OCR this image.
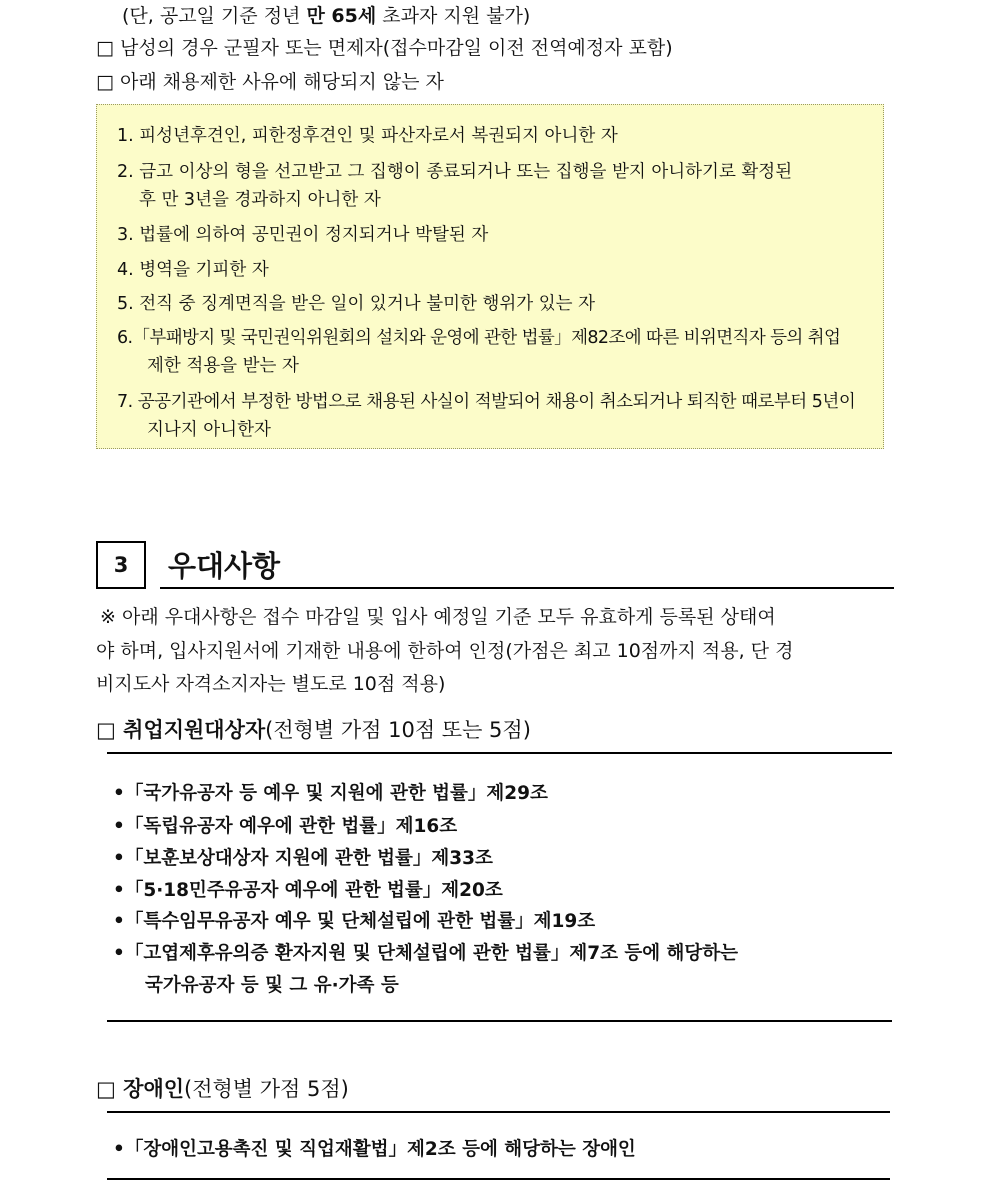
(단, 공고일 기준 정년 만 65세 초과자 지원 불가)
□ 남성의 경우 군필자 또는 면제자(접수마감일 이전 전역예정자 포함)
□ 아래 채용제한 사유에 해당되지 않는 자
1. 피성년후견인, 피한정후견인 및 파산자로서 복권되지 아니한 자
2. 금고 이상의 형을 선고받고 그 집행이 종료되거나 또는 집행을 받지 아니하기로 확정된
후 만 3년을 경과하지 아니한 자
3. 법률에 의하여 공민권이 정지되거나 박탈된 자
4. 병역을 기피한 자
5. 전직 중 징계면직을 받은 일이 있거나 불미한 행위가 있는 자
6.「부패방지 및 국민권익위원회의 설치와 운영에 관한 법률」제82조에 따른 비위면직자 등의 취업
제한 적용을 받는 자
7. 공공기관에서 부정한 방법으로 채용된 사실이 적발되어 채용이 취소되거나 퇴직한 때로부터 5년이
지나지 아니한자
3	우대사항
※ 아래 우대사항은 접수 마감일 및 입사 예정일 기준 모두 유효하게 등록된 상태여
야 하며, 입사지원서에 기재한 내용에 한하여 인정(가점은 최고 10점까지 적용, 단 경
비지도사 자격소지자는 별도로 10점 적용)
□ 취업지원대상자(전형별 가점 10점 또는 5점)
•「국가유공자 등 예우 및 지원에 관한 법률」제29조
•「독립유공자 예우에 관한 법률」제16조
•「보훈보상대상자 지원에 관한 법률」제33조
•「5·18민주유공자 예우에 관한 법률」제20조
•「특수임무유공자 예우 및 단체설립에 관한 법률」제19조
•「고엽제후유의증 환자지원 및 단체설립에 관한 법률」제7조 등에 해당하는
국가유공자 등 및 그 유·가족 등
□ 장애인(전형별 가점 5점)
•「장애인고용촉진 및 직업재활법」제2조 등에 해당하는 장애인
